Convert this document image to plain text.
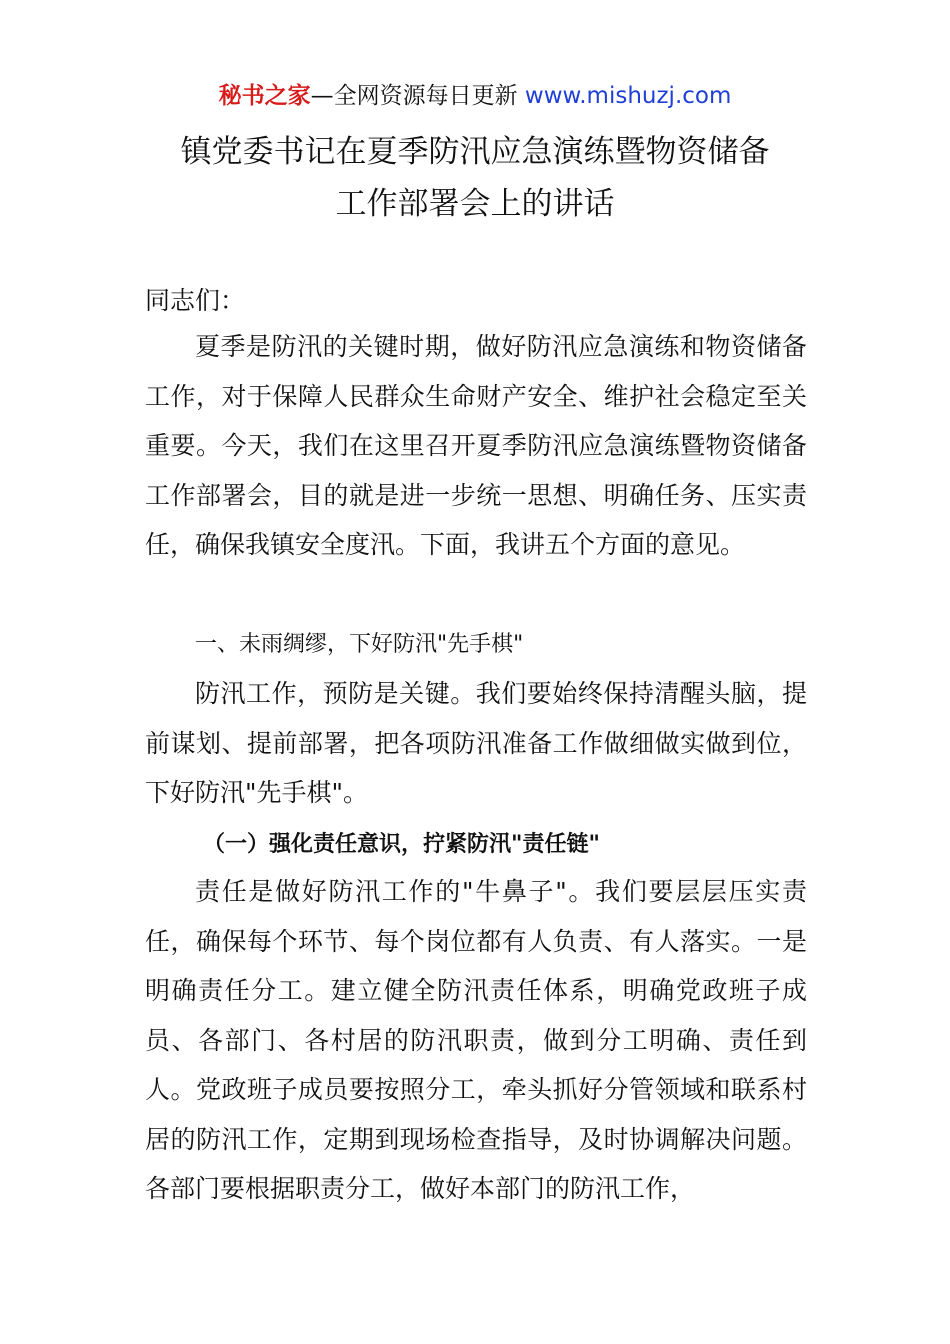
秘书之家—全网资源每日更新 www.mishuzj.com
镇党委书记在夏季防汛应急演练暨物资储备
工作部署会上的讲话
同志们：
夏季是防汛的关键时期，做好防汛应急演练和物资储备工作，对于保障人民群众生命财产安全、维护社会稳定至关重要。今天，我们在这里召开夏季防汛应急演练暨物资储备工作部署会，目的就是进一步统一思想、明确任务、压实责任，确保我镇安全度汛。下面，我讲五个方面的意见。
一、未雨绸缪，下好防汛"先手棋"
防汛工作，预防是关键。我们要始终保持清醒头脑，提前谋划、提前部署，把各项防汛准备工作做细做实做到位，下好防汛"先手棋"。
（一）强化责任意识，拧紧防汛"责任链"
责任是做好防汛工作的"牛鼻子"。我们要层层压实责任，确保每个环节、每个岗位都有人负责、有人落实。一是明确责任分工。建立健全防汛责任体系，明确党政班子成员、各部门、各村居的防汛职责，做到分工明确、责任到人。党政班子成员要按照分工，牵头抓好分管领域和联系村居的防汛工作，定期到现场检查指导，及时协调解决问题。各部门要根据职责分工，做好本部门的防汛工作，
